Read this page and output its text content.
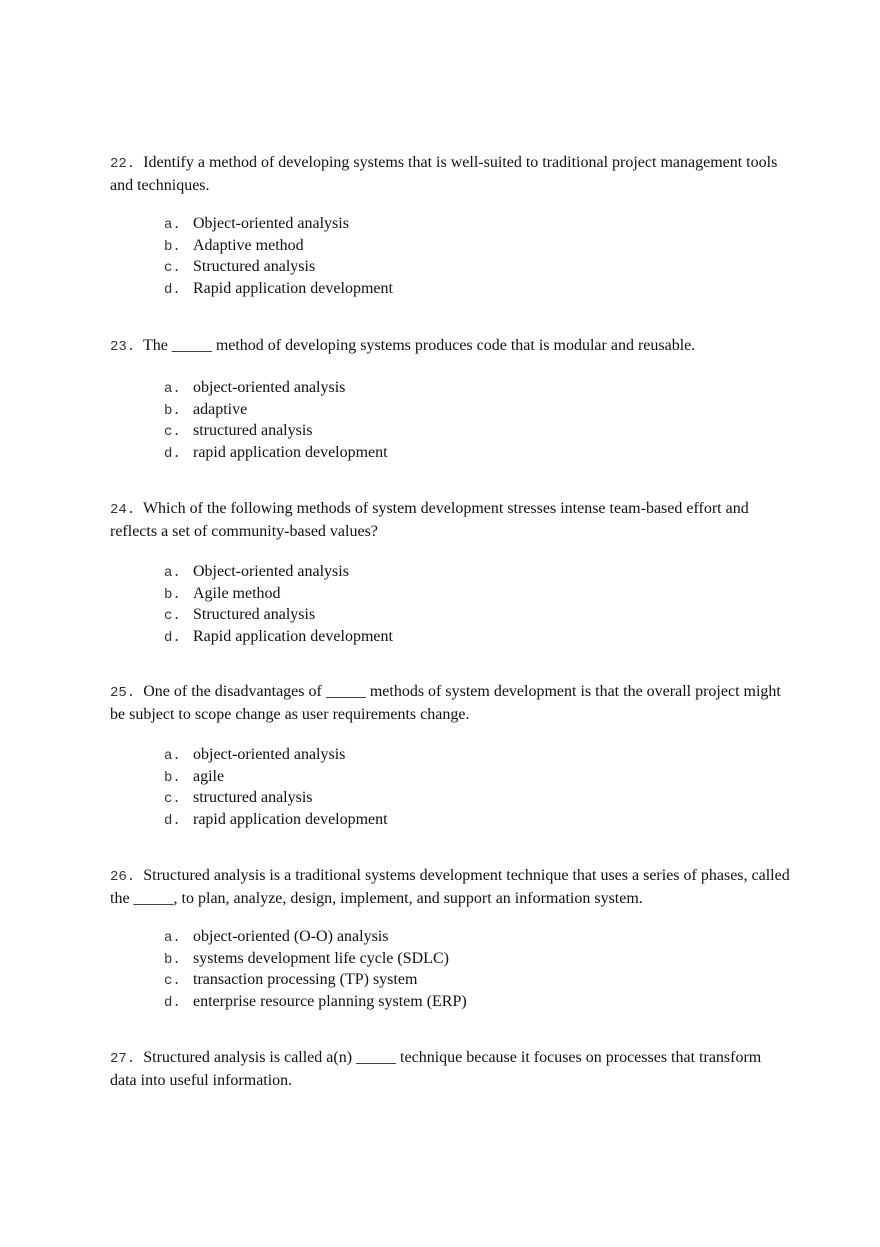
22. Identify a method of developing systems that is well-suited to traditional project management tools and techniques.

a. Object-oriented analysis
b. Adaptive method
c. Structured analysis
d. Rapid application development

23. The _____ method of developing systems produces code that is modular and reusable.

a. object-oriented analysis
b. adaptive
c. structured analysis
d. rapid application development

24. Which of the following methods of system development stresses intense team-based effort and reflects a set of community-based values?

a. Object-oriented analysis
b. Agile method
c. Structured analysis
d. Rapid application development

25. One of the disadvantages of _____ methods of system development is that the overall project might be subject to scope change as user requirements change.

a. object-oriented analysis
b. agile
c. structured analysis
d. rapid application development

26. Structured analysis is a traditional systems development technique that uses a series of phases, called the _____, to plan, analyze, design, implement, and support an information system.

a. object-oriented (O-O) analysis
b. systems development life cycle (SDLC)
c. transaction processing (TP) system
d. enterprise resource planning system (ERP)

27. Structured analysis is called a(n) _____ technique because it focuses on processes that transform data into useful information.
